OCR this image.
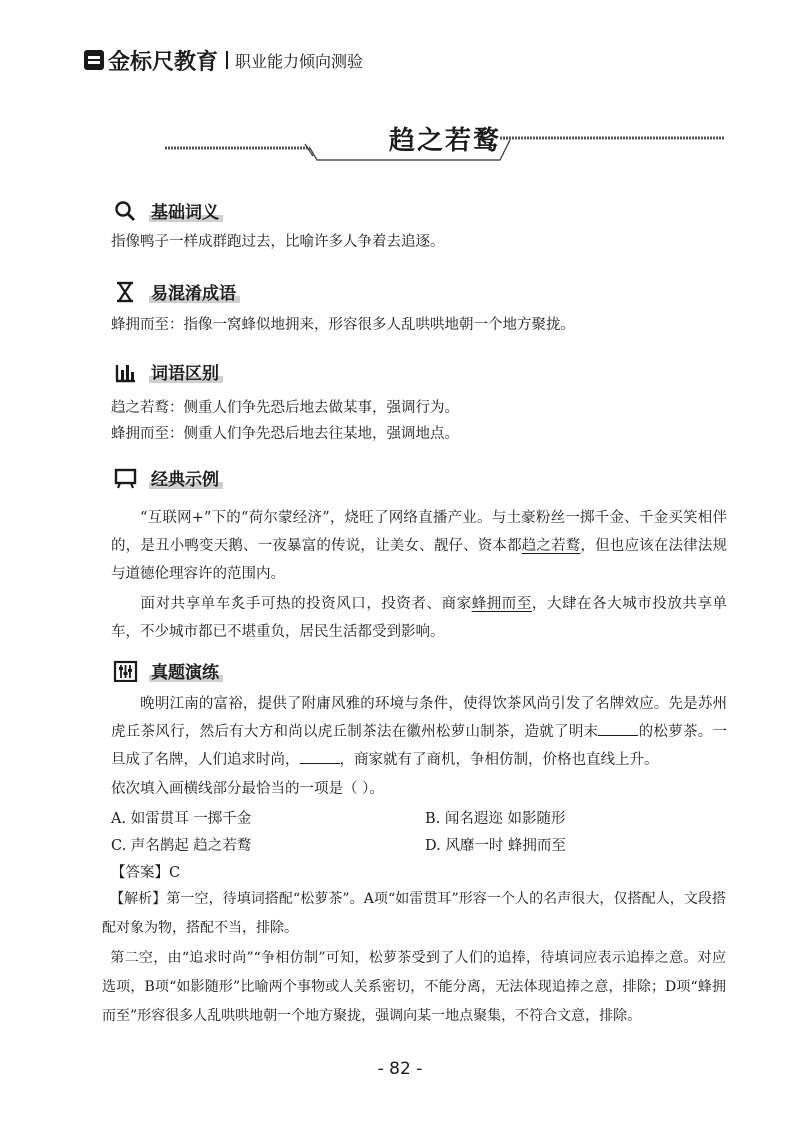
金标尺教育 职业能力倾向测验
趋之若鹜
基础词义
指像鸭子一样成群跑过去，比喻许多人争着去追逐。
易混淆成语
蜂拥而至：指像一窝蜂似地拥来，形容很多人乱哄哄地朝一个地方聚拢。
词语区别
趋之若鹜：侧重人们争先恐后地去做某事，强调行为。
蜂拥而至：侧重人们争先恐后地去往某地，强调地点。
经典示例
“互联网+”下的“荷尔蒙经济”，烧旺了网络直播产业。与土豪粉丝一掷千金、千金买笑相伴的，是丑小鸭变天鹅、一夜暴富的传说，让美女、靓仔、资本都趋之若鹜，但也应该在法律法规与道德伦理容许的范围内。
面对共享单车炙手可热的投资风口，投资者、商家蜂拥而至，大肆在各大城市投放共享单车，不少城市都已不堪重负，居民生活都受到影响。
真题演练
晚明江南的富裕，提供了附庸风雅的环境与条件，使得饮茶风尚引发了名牌效应。先是苏州虎丘茶风行，然后有大方和尚以虎丘制茶法在徽州松萝山制茶，造就了明末	的松萝茶。一旦成了名牌，人们追求时尚，	，商家就有了商机，争相仿制，价格也直线上升。
依次填入画横线部分最恰当的一项是（ ）。
A. 如雷贯耳 一掷千金	B. 闻名遐迩 如影随形
C. 声名鹊起 趋之若鹜	D. 风靡一时 蜂拥而至
【答案】C
【解析】第一空，待填词搭配“松萝茶”。A项“如雷贯耳”形容一个人的名声很大，仅搭配人，文段搭配对象为物，搭配不当，排除。
第二空，由“追求时尚”“争相仿制”可知，松萝茶受到了人们的追捧，待填词应表示追捧之意。对应选项，B项“如影随形”比喻两个事物或人关系密切，不能分离，无法体现追捧之意，排除；D项“蜂拥而至”形容很多人乱哄哄地朝一个地方聚拢，强调向某一地点聚集，不符合文意，排除。
- 82 -
